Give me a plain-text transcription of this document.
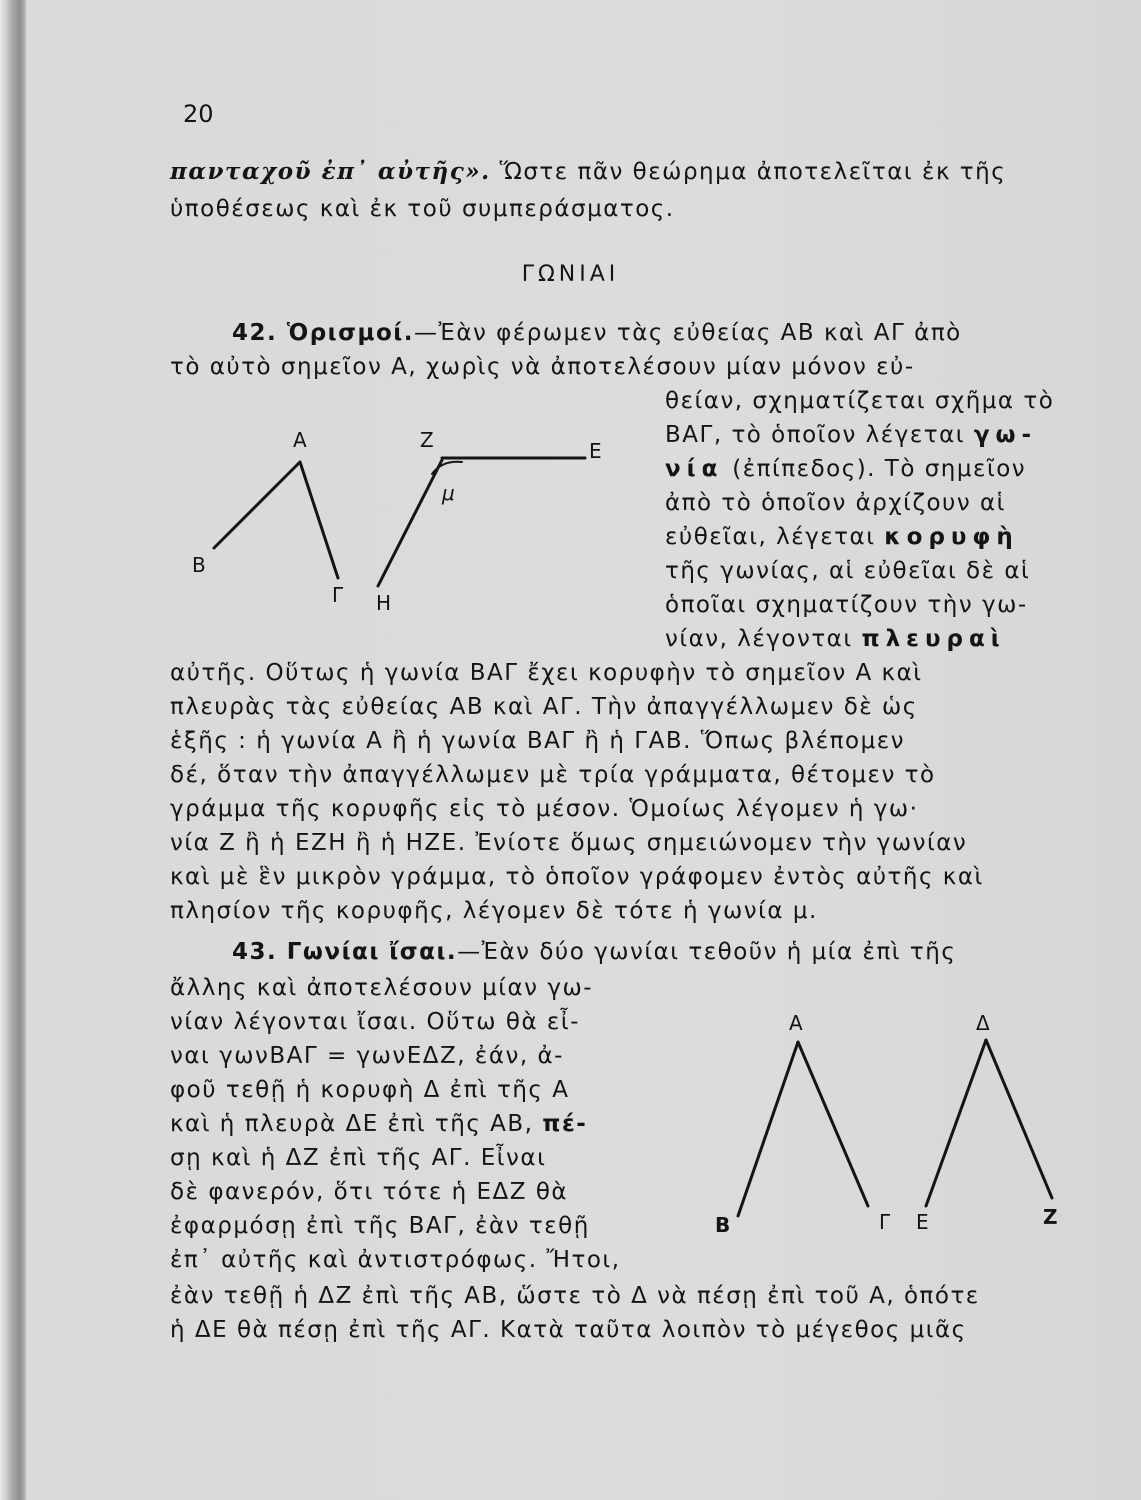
20
πανταχοῦ ἐπ᾿ αὐτῆς». Ὥστε πᾶν θεώρημα ἀποτελεῖται ἐκ τῆς
ὑποθέσεως καὶ ἐκ τοῦ συμπεράσματος.
ΓΩΝΙΑΙ
42. Ὁρισμοί.—Ἐὰν φέρωμεν τὰς εὐθείας ΑΒ καὶ ΑΓ ἀπὸ
τὸ αὐτὸ σημεῖον Α, χωρὶς νὰ ἀποτελέσουν μίαν μόνον εὐ-
θείαν, σχηματίζεται σχῆμα τὸ
ΒΑΓ, τὸ ὁποῖον λέγεται γω-
νία (ἐπίπεδος). Τὸ σημεῖον
ἀπὸ τὸ ὁποῖον ἀρχίζουν αἱ
εὐθεῖαι, λέγεται κορυφὴ
τῆς γωνίας, αἱ εὐθεῖαι δὲ αἱ
ὁποῖαι σχηματίζουν τὴν γω-
νίαν, λέγονται πλευραὶ
αὐτῆς. Οὕτως ἡ γωνία ΒΑΓ ἔχει κορυφὴν τὸ σημεῖον Α καὶ
πλευρὰς τὰς εὐθείας ΑΒ καὶ ΑΓ. Τὴν ἀπαγγέλλωμεν δὲ ὡς
ἑξῆς : ἡ γωνία Α ἢ ἡ γωνία ΒΑΓ ἢ ἡ ΓΑΒ. Ὅπως βλέπομεν
δέ, ὅταν τὴν ἀπαγγέλλωμεν μὲ τρία γράμματα, θέτομεν τὸ
γράμμα τῆς κορυφῆς εἰς τὸ μέσον. Ὁμοίως λέγομεν ἡ γω·
νία Ζ ἢ ἡ ΕΖΗ ἢ ἡ ΗΖΕ. Ἐνίοτε ὅμως σημειώνομεν τὴν γωνίαν
καὶ μὲ ἓν μικρὸν γράμμα, τὸ ὁποῖον γράφομεν ἐντὸς αὐτῆς καὶ
πλησίον τῆς κορυφῆς, λέγομεν δὲ τότε ἡ γωνία μ.
43. Γωνίαι ἴσαι.—Ἐὰν δύο γωνίαι τεθοῦν ἡ μία ἐπὶ τῆς
ἄλλης καὶ ἀποτελέσουν μίαν γω-
νίαν λέγονται ἴσαι. Οὕτω θὰ εἶ-
ναι γωνΒΑΓ = γωνΕΔΖ, ἐάν, ἀ-
φοῦ τεθῇ ἡ κορυφὴ Δ ἐπὶ τῆς Α
καὶ ἡ πλευρὰ ΔΕ ἐπὶ τῆς ΑΒ, πέ-
σῃ καὶ ἡ ΔΖ ἐπὶ τῆς ΑΓ. Εἶναι
δὲ φανερόν, ὅτι τότε ἡ ΕΔΖ θὰ
ἐφαρμόσῃ ἐπὶ τῆς ΒΑΓ, ἐὰν τεθῇ
ἐπ᾿ αὐτῆς καὶ ἀντιστρόφως. Ἤτοι,
ἐὰν τεθῇ ἡ ΔΖ ἐπὶ τῆς ΑΒ, ὥστε τὸ Δ νὰ πέσῃ ἐπὶ τοῦ Α, ὁπότε
ἡ ΔΕ θὰ πέσῃ ἐπὶ τῆς ΑΓ. Κατὰ ταῦτα λοιπὸν τὸ μέγεθος μιᾶς
Α
Β
Γ
Ζ	Ε
Η
μ
Α
Β	Γ
Δ
Ε	Ζ
